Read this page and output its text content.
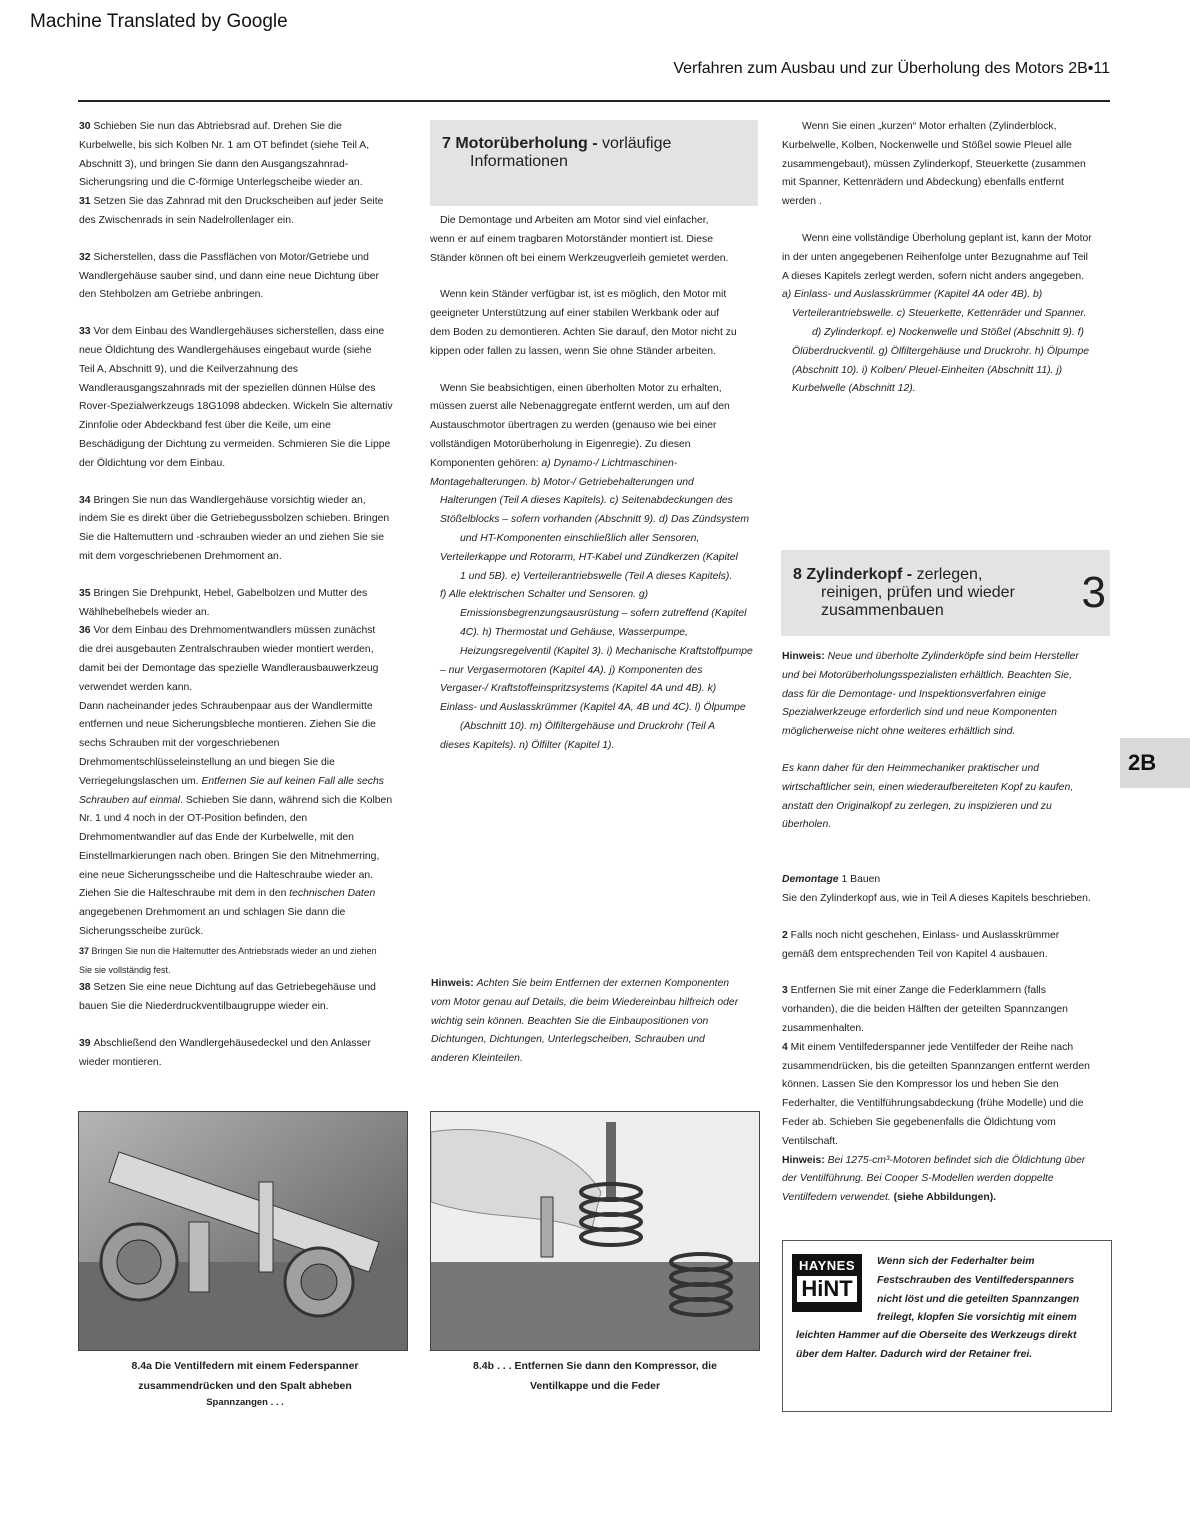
Machine Translated by Google
Verfahren zum Ausbau und zur Überholung des Motors 2B•11

30 Schieben Sie nun das Abtriebsrad auf. Drehen Sie die

Kurbelwelle, bis sich Kolben Nr. 1 am OT befindet (siehe Teil A,

Abschnitt 3), und bringen Sie dann den Ausgangszahnrad-

Sicherungsring und die C-förmige Unterlegscheibe wieder an.

31 Setzen Sie das Zahnrad mit den Druckscheiben auf jeder Seite

des Zwischenrads in sein Nadelrollenlager ein.

32 Sicherstellen, dass die Passflächen von Motor/Getriebe und

Wandlergehäuse sauber sind, und dann eine neue Dichtung über

den Stehbolzen am Getriebe anbringen.

33 Vor dem Einbau des Wandlergehäuses sicherstellen, dass eine

neue Öldichtung des Wandlergehäuses eingebaut wurde (siehe

Teil A, Abschnitt 9), und die Keilverzahnung des

Wandlerausgangszahnrads mit der speziellen dünnen Hülse des

Rover-Spezialwerkzeugs 18G1098 abdecken. Wickeln Sie alternativ

Zinnfolie oder Abdeckband fest über die Keile, um eine

Beschädigung der Dichtung zu vermeiden. Schmieren Sie die Lippe

der Öldichtung vor dem Einbau.

34 Bringen Sie nun das Wandlergehäuse vorsichtig wieder an,

indem Sie es direkt über die Getriebegussbolzen schieben. Bringen

Sie die Haltemuttern und -schrauben wieder an und ziehen Sie sie

mit dem vorgeschriebenen Drehmoment an.

35 Bringen Sie Drehpunkt, Hebel, Gabelbolzen und Mutter des

Wählhebelhebels wieder an.

36 Vor dem Einbau des Drehmomentwandlers müssen zunächst

die drei ausgebauten Zentralschrauben wieder montiert werden,

damit bei der Demontage das spezielle Wandlerausbauwerkzeug

verwendet werden kann.

Dann nacheinander jedes Schraubenpaar aus der Wandlermitte

entfernen und neue Sicherungsbleche montieren. Ziehen Sie die

sechs Schrauben mit der vorgeschriebenen

Drehmomentschlüsseleinstellung an und biegen Sie die

Verriegelungslaschen um. Entfernen Sie auf keinen Fall alle sechs

Schrauben auf einmal. Schieben Sie dann, während sich die Kolben

Nr. 1 und 4 noch in der OT-Position befinden, den

Drehmomentwandler auf das Ende der Kurbelwelle, mit den

Einstellmarkierungen nach oben. Bringen Sie den Mitnehmerring,

eine neue Sicherungsscheibe und die Halteschraube wieder an.

Ziehen Sie die Halteschraube mit dem in den technischen Daten

angegebenen Drehmoment an und schlagen Sie dann die

Sicherungsscheibe zurück.

37 Bringen Sie nun die Haltemutter des Antriebsrads wieder an und ziehen

Sie sie vollständig fest.

38 Setzen Sie eine neue Dichtung auf das Getriebegehäuse und

bauen Sie die Niederdruckventilbaugruppe wieder ein.

39 Abschließend den Wandlergehäusedeckel und den Anlasser

wieder montieren.

7 Motorüberholung - vorläufige
Informationen

Die Demontage und Arbeiten am Motor sind viel einfacher,

wenn er auf einem tragbaren Motorständer montiert ist. Diese

Ständer können oft bei einem Werkzeugverleih gemietet werden.

Wenn kein Ständer verfügbar ist, ist es möglich, den Motor mit

geeigneter Unterstützung auf einer stabilen Werkbank oder auf

dem Boden zu demontieren. Achten Sie darauf, den Motor nicht zu

kippen oder fallen zu lassen, wenn Sie ohne Ständer arbeiten.

Wenn Sie beabsichtigen, einen überholten Motor zu erhalten,

müssen zuerst alle Nebenaggregate entfernt werden, um auf den

Austauschmotor übertragen zu werden (genauso wie bei einer

vollständigen Motorüberholung in Eigenregie). Zu diesen

Komponenten gehören: a) Dynamo-/ Lichtmaschinen-

Montagehalterungen. b) Motor-/ Getriebehalterungen und

Halterungen (Teil A dieses Kapitels). c) Seitenabdeckungen des

Stößelblocks – sofern vorhanden (Abschnitt 9). d) Das Zündsystem

und HT-Komponenten einschließlich aller Sensoren,

Verteilerkappe und Rotorarm, HT-Kabel und Zündkerzen (Kapitel

1 und 5B). e) Verteilerantriebswelle (Teil A dieses Kapitels).

f) Alle elektrischen Schalter und Sensoren. g)

Emissionsbegrenzungsausrüstung – sofern zutreffend (Kapitel

4C). h) Thermostat und Gehäuse, Wasserpumpe,

Heizungsregelventil (Kapitel 3). i) Mechanische Kraftstoffpumpe

– nur Vergasermotoren (Kapitel 4A). j) Komponenten des

Vergaser-/ Kraftstoffeinspritzsystems (Kapitel 4A und 4B). k)

Einlass- und Auslasskrümmer (Kapitel 4A, 4B und 4C). l) Ölpumpe

(Abschnitt 10). m) Ölfiltergehäuse und Druckrohr (Teil A

dieses Kapitels). n) Ölfilter (Kapitel 1).

Hinweis: Achten Sie beim Entfernen der externen Komponenten

vom Motor genau auf Details, die beim Wiedereinbau hilfreich oder

wichtig sein können. Beachten Sie die Einbaupositionen von

Dichtungen, Dichtungen, Unterlegscheiben, Schrauben und

anderen Kleinteilen.

Wenn Sie einen „kurzen“ Motor erhalten (Zylinderblock,

Kurbelwelle, Kolben, Nockenwelle und Stößel sowie Pleuel alle

zusammengebaut), müssen Zylinderkopf, Steuerkette (zusammen

mit Spanner, Kettenrädern und Abdeckung) ebenfalls entfernt

werden .

Wenn eine vollständige Überholung geplant ist, kann der Motor

in der unten angegebenen Reihenfolge unter Bezugnahme auf Teil

A dieses Kapitels zerlegt werden, sofern nicht anders angegeben.

a) Einlass- und Auslasskrümmer (Kapitel 4A oder 4B). b)

Verteilerantriebswelle. c) Steuerkette, Kettenräder und Spanner.

d) Zylinderkopf. e) Nockenwelle und Stößel (Abschnitt 9). f)

Ölüberdruckventil. g) Ölfiltergehäuse und Druckrohr. h) Ölpumpe

(Abschnitt 10). i) Kolben/ Pleuel-Einheiten (Abschnitt 11). j)

Kurbelwelle (Abschnitt 12).

8 Zylinderkopf - zerlegen,
reinigen, prüfen und wieder
zusammenbauen	3

Hinweis: Neue und überholte Zylinderköpfe sind beim Hersteller

und bei Motorüberholungsspezialisten erhältlich. Beachten Sie,

dass für die Demontage- und Inspektionsverfahren einige

Spezialwerkzeuge erforderlich sind und neue Komponenten

möglicherweise nicht ohne weiteres erhältlich sind.

Es kann daher für den Heimmechaniker praktischer und

wirtschaftlicher sein, einen wiederaufbereiteten Kopf zu kaufen,

anstatt den Originalkopf zu zerlegen, zu inspizieren und zu

überholen.

Demontage 1 Bauen

Sie den Zylinderkopf aus, wie in Teil A dieses Kapitels beschrieben.

2 Falls noch nicht geschehen, Einlass- und Auslasskrümmer

gemäß dem entsprechenden Teil von Kapitel 4 ausbauen.

3 Entfernen Sie mit einer Zange die Federklammern (falls

vorhanden), die die beiden Hälften der geteilten Spannzangen

zusammenhalten.

4 Mit einem Ventilfederspanner jede Ventilfeder der Reihe nach

zusammendrücken, bis die geteilten Spannzangen entfernt werden

können. Lassen Sie den Kompressor los und heben Sie den

Federhalter, die Ventilführungsabdeckung (frühe Modelle) und die

Feder ab. Schieben Sie gegebenenfalls die Öldichtung vom

Ventilschaft.

Hinweis: Bei 1275-cm³-Motoren befindet sich die Öldichtung über

der Ventilführung. Bei Cooper S-Modellen werden doppelte

Ventilfedern verwendet. (siehe Abbildungen).

2B
8.4a Die Ventilfedern mit einem Federspanner
zusammendrücken und den Spalt abheben
Spannzangen . . .
8.4b . . . Entfernen Sie dann den Kompressor, die
Ventilkappe und die Feder
HAYNES
HiNT

Wenn sich der Federhalter beim

Festschrauben des Ventilfederspanners

nicht löst und die geteilten Spannzangen

freilegt, klopfen Sie vorsichtig mit einem

leichten Hammer auf die Oberseite des Werkzeugs direkt

über dem Halter. Dadurch wird der Retainer frei.
